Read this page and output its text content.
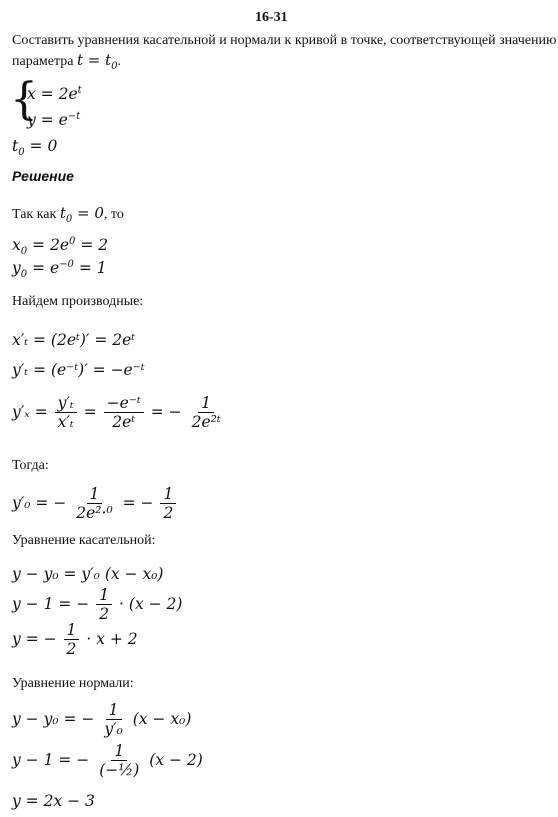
16-31
Составить уравнения касательной и нормали к кривой в точке, соответствующей значению
параметра t = t0.
{
x = 2et
y = e−t
t0 = 0
Решение
Так как t0 = 0, то
x0 = 2e0 = 2
y0 = e−0 = 1
Найдем производные:
x′ₜ = (2eᵗ)′ = 2eᵗ
y′ₜ = (e⁻ᵗ)′ = −e⁻ᵗ
$y'_x = \frac{\text{y′ₜ}}{\text{x′ₜ}} = \frac{\text{−e⁻ᵗ}}{\text{2eᵗ}}$ = − $\frac{1}{\text{2e²ᵗ}}$
Тогда:
y′₀ = − $\frac{1}{\text{2e²·⁰}}$ = − $\frac{1}{2}$
Уравнение касательной:
y − y₀ = y′₀ (x − x₀)
y − 1 = − $\frac{1}{2} \cdot (x - 2)$
y = − $\frac{1}{2} \cdot x + 2$
Уравнение нормали:
y − y₀ = − $\frac{1}{\text{y′₀}} (x - x_0)$
y − 1 = − $\frac{1}{\text{(−½)}} (x - 2)$
y = 2x − 3
